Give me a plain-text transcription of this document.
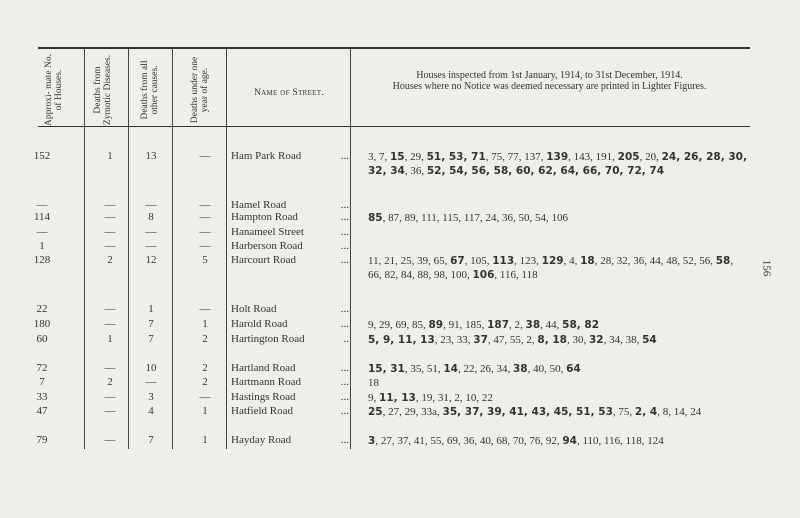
Approxi- mate No. of Houses.	Deaths from Zymotic Diseases.	Deaths from all other causes.	Deaths under one year of age.	Name of Street.
Houses inspected from 1st January, 1914, to 31st December, 1914.
Houses where no Notice was deemed necessary are printed in Lighter Figures.
152	1	13	—	Ham Park Road	... 3, 7, 15, 29, 51, 53, 71, 75, 77, 137, 139, 143, 191, 205, 20, 24, 26, 28, 30, 32, 34, 36, 52, 54, 56, 58, 60, 62, 64, 66, 70, 72, 74
—	—	—	—	Hamel Road	...
114	—	8	—	Hampton Road	... 85, 87, 89, 111, 115, 117, 24, 36, 50, 54, 106
—	—	—	—	Hanameel Street	...
1	—	—	—	Harberson Road	...
128	2	12	5	Harcourt Road	... 11, 21, 25, 39, 65, 67, 105, 113, 123, 129, 4, 18, 28, 32, 36, 44, 48, 52, 56, 58, 66, 82, 84, 88, 98, 100, 106, 116, 118
22	—	1	—	Holt Road	...
180	—	7	1	Harold Road	... 9, 29, 69, 85, 89, 91, 185, 187, 2, 38, 44, 58, 82
60	1	7	2	Hartington Road	.. 5, 9, 11, 13, 23, 33, 37, 47, 55, 2, 8, 18, 30, 32, 34, 38, 54
72	—	10	2	Hartland Road	... 15, 31, 35, 51, 14, 22, 26, 34, 38, 40, 50, 64
7	2	—	2	Hartmann Road	... 18
33	—	3	—	Hastings Road	... 9, 11, 13, 19, 31, 2, 10, 22
47	—	4	1	Hatfield Road	... 25, 27, 29, 33a, 35, 37, 39, 41, 43, 45, 51, 53, 75, 2, 4, 8, 14, 24
79	—	7	1	Hayday Road	... 3, 27, 37, 41, 55, 69, 36, 40, 68, 70, 76, 92, 94, 110, 116, 118, 124
156
